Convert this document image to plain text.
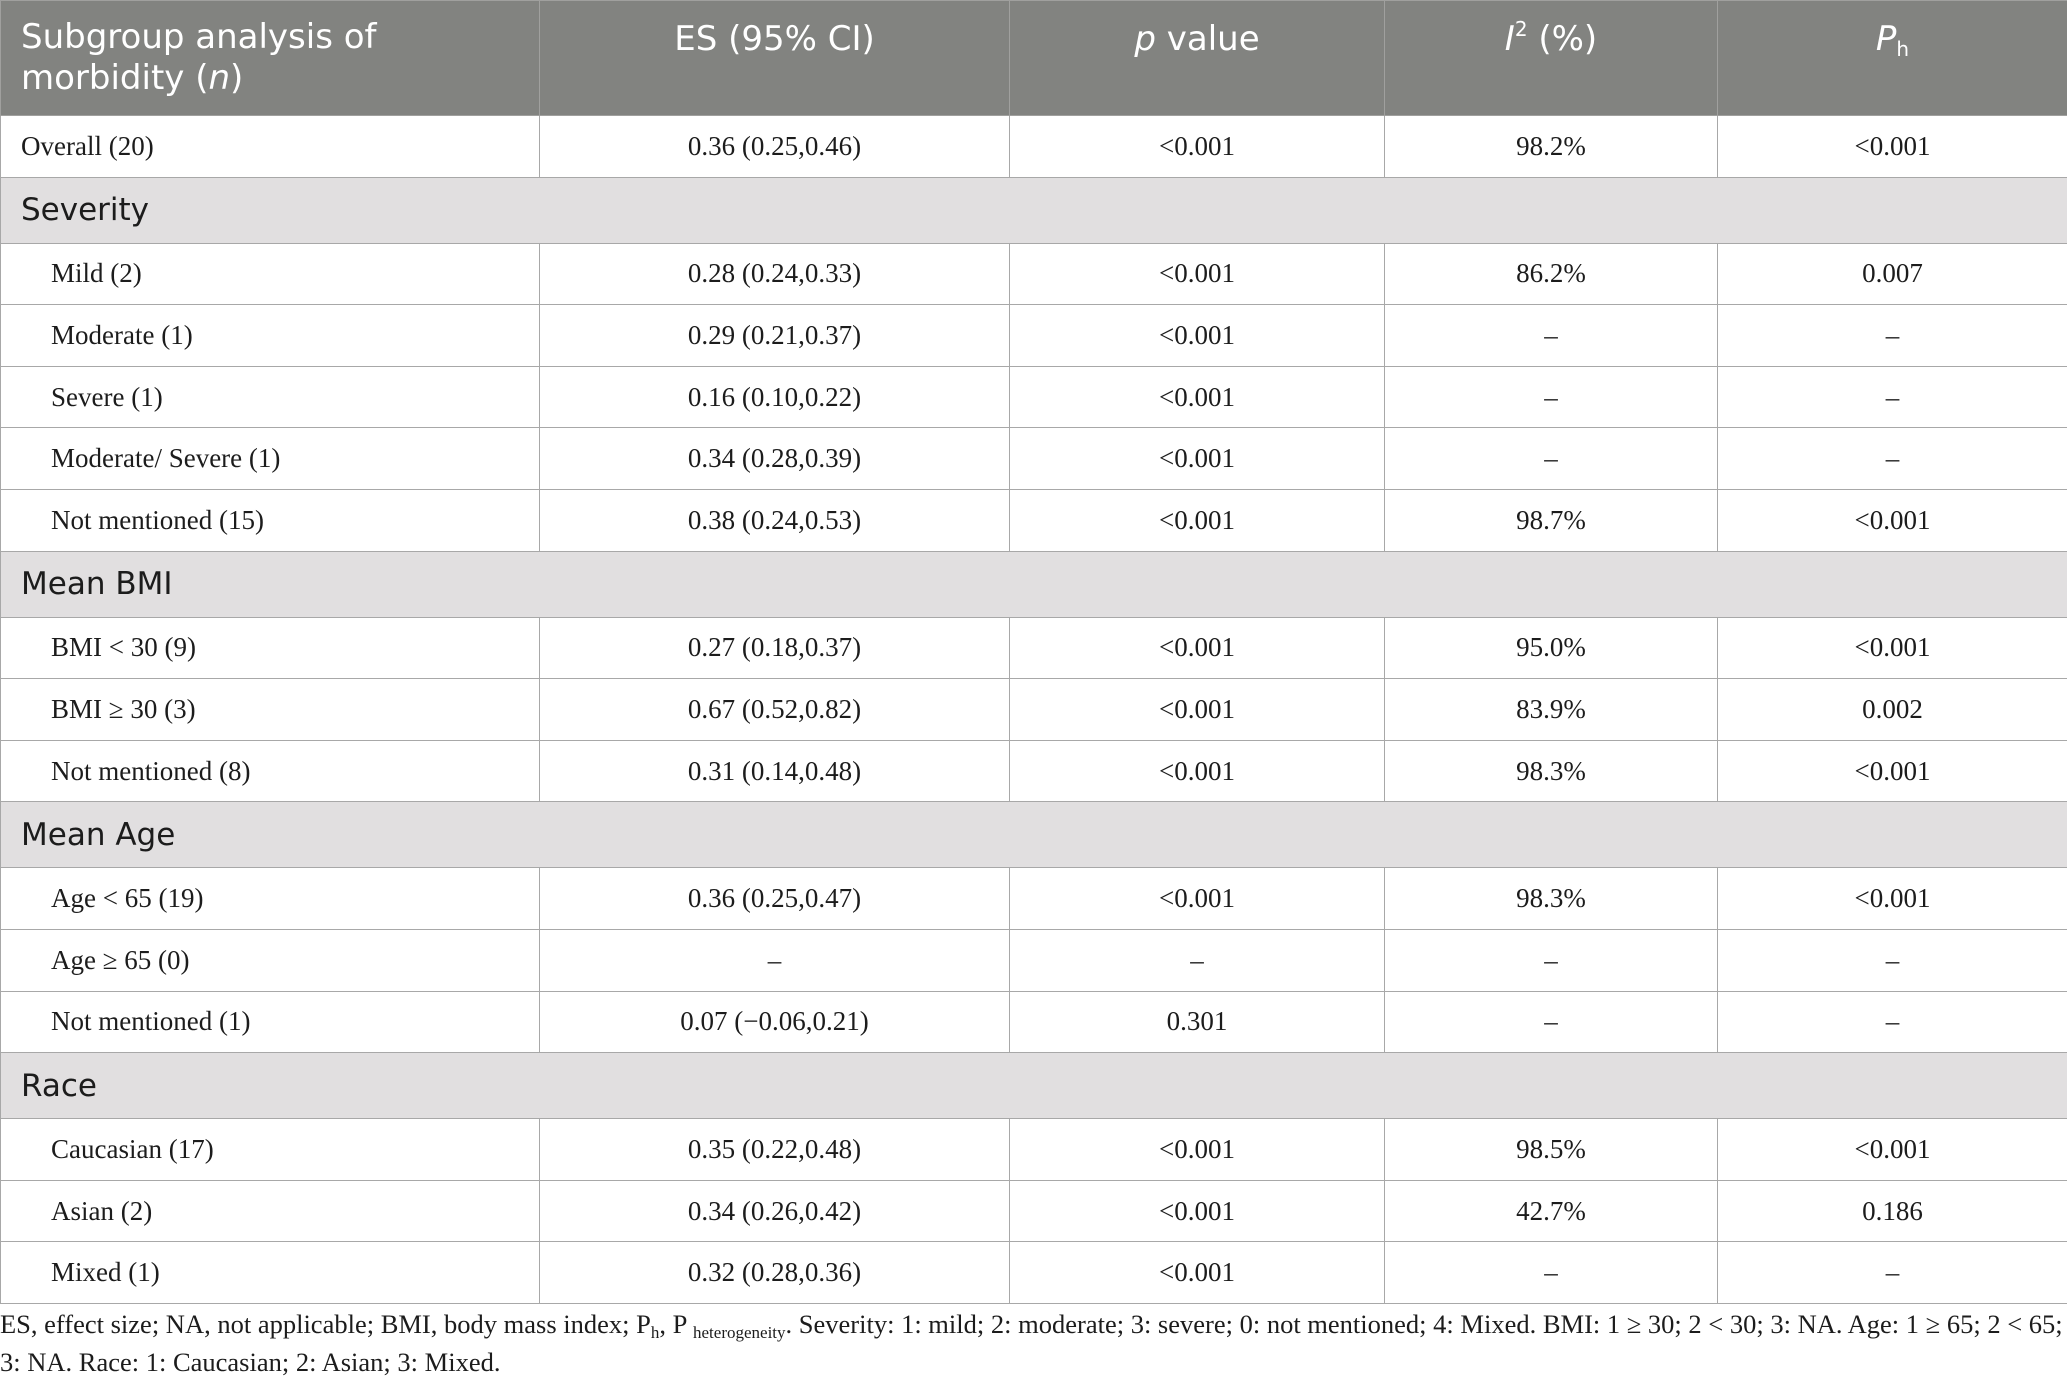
Subgroup analysis of
morbidity (n)	ES (95% CI)	p value	$I^2$ (%)	$P_h$
Overall (20)	0.36 (0.25,0.46)	<0.001	98.2%	<0.001
Severity				
Mild (2)	0.28 (0.24,0.33)	<0.001	86.2%	0.007
Moderate (1)	0.29 (0.21,0.37)	<0.001	–	–
Severe (1)	0.16 (0.10,0.22)	<0.001	–	–
Moderate/ Severe (1)	0.34 (0.28,0.39)	<0.001	–	–
Not mentioned (15)	0.38 (0.24,0.53)	<0.001	98.7%	<0.001
Mean BMI				
BMI < 30 (9)	0.27 (0.18,0.37)	<0.001	95.0%	<0.001
BMI ≥ 30 (3)	0.67 (0.52,0.82)	<0.001	83.9%	0.002
Not mentioned (8)	0.31 (0.14,0.48)	<0.001	98.3%	<0.001
Mean Age				
Age < 65 (19)	0.36 (0.25,0.47)	<0.001	98.3%	<0.001
Age ≥ 65 (0)	–	–	–	–
Not mentioned (1)	0.07 (−0.06,0.21)	0.301	–	–
Race				
Caucasian (17)	0.35 (0.22,0.48)	<0.001	98.5%	<0.001
Asian (2)	0.34 (0.26,0.42)	<0.001	42.7%	0.186
Mixed (1)	0.32 (0.28,0.36)	<0.001	–	–
ES, effect size; NA, not applicable; BMI, body mass index; Ph, P heterogeneity. Severity: 1: mild; 2: moderate; 3: severe; 0: not mentioned; 4: Mixed. BMI: 1 ≥ 30; 2 < 30; 3: NA. Age: 1 ≥ 65; 2 < 65; 3: NA. Race: 1: Caucasian; 2: Asian; 3: Mixed.
